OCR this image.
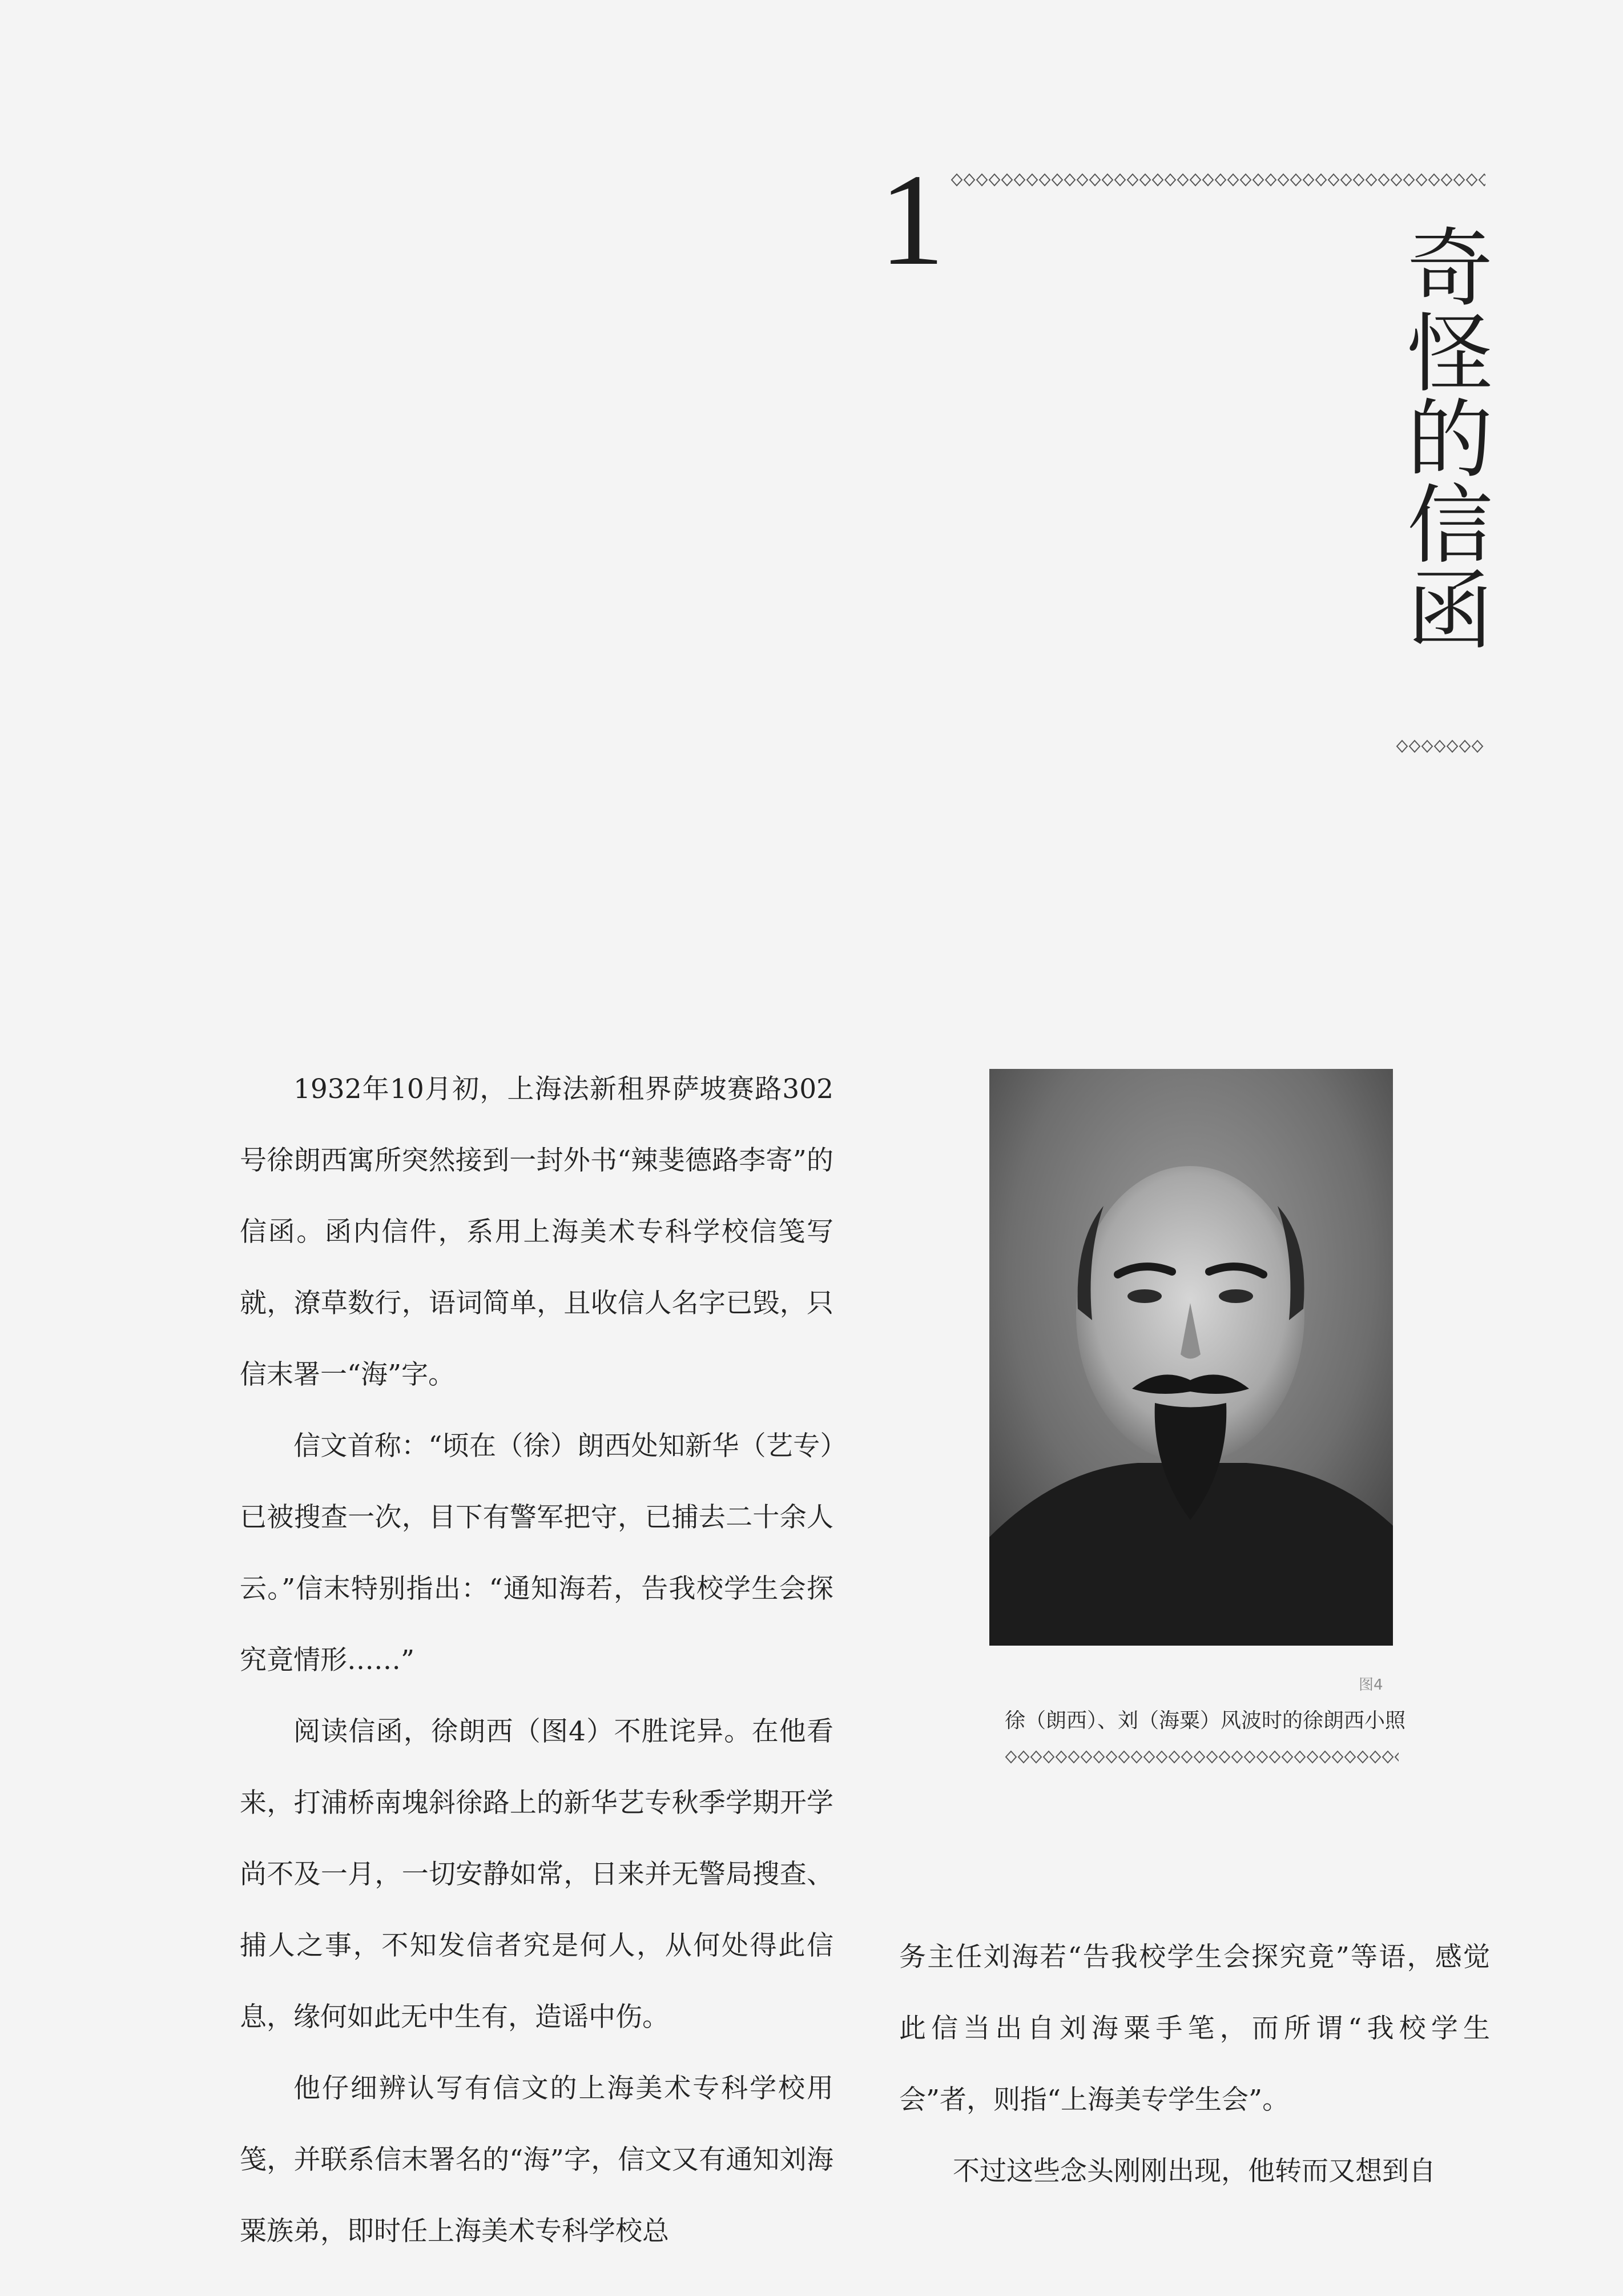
1
奇怪的信函

1932年10月初，上海法新租界萨坡赛路302号徐朗西寓所突然接到一封外书“辣斐德路李寄”的信函。函内信件，系用上海美术专科学校信笺写就，潦草数行，语词简单，且收信人名字已毁，只信末署一“海”字。

信文首称：“顷在（徐）朗西处知新华（艺专）已被搜查一次，目下有警军把守，已捕去二十余人云。”信末特别指出：“通知海若，告我校学生会探究竟情形……”

阅读信函，徐朗西（图4）不胜诧异。在他看来，打浦桥南塊斜徐路上的新华艺专秋季学期开学尚不及一月，一切安静如常，日来并无警局搜查、捕人之事，不知发信者究是何人，从何处得此信息，缘何如此无中生有，造谣中伤。

他仔细辨认写有信文的上海美术专科学校用笺，并联系信末署名的“海”字，信文又有通知刘海粟族弟，即时任上海美术专科学校总

图4
徐（朗西）、刘（海粟）风波时的徐朗西小照

务主任刘海若“告我校学生会探究竟”等语，感觉此信当出自刘海粟手笔，而所谓“我校学生会”者，则指“上海美专学生会”。

不过这些念头刚刚出现，他转而又想到自
